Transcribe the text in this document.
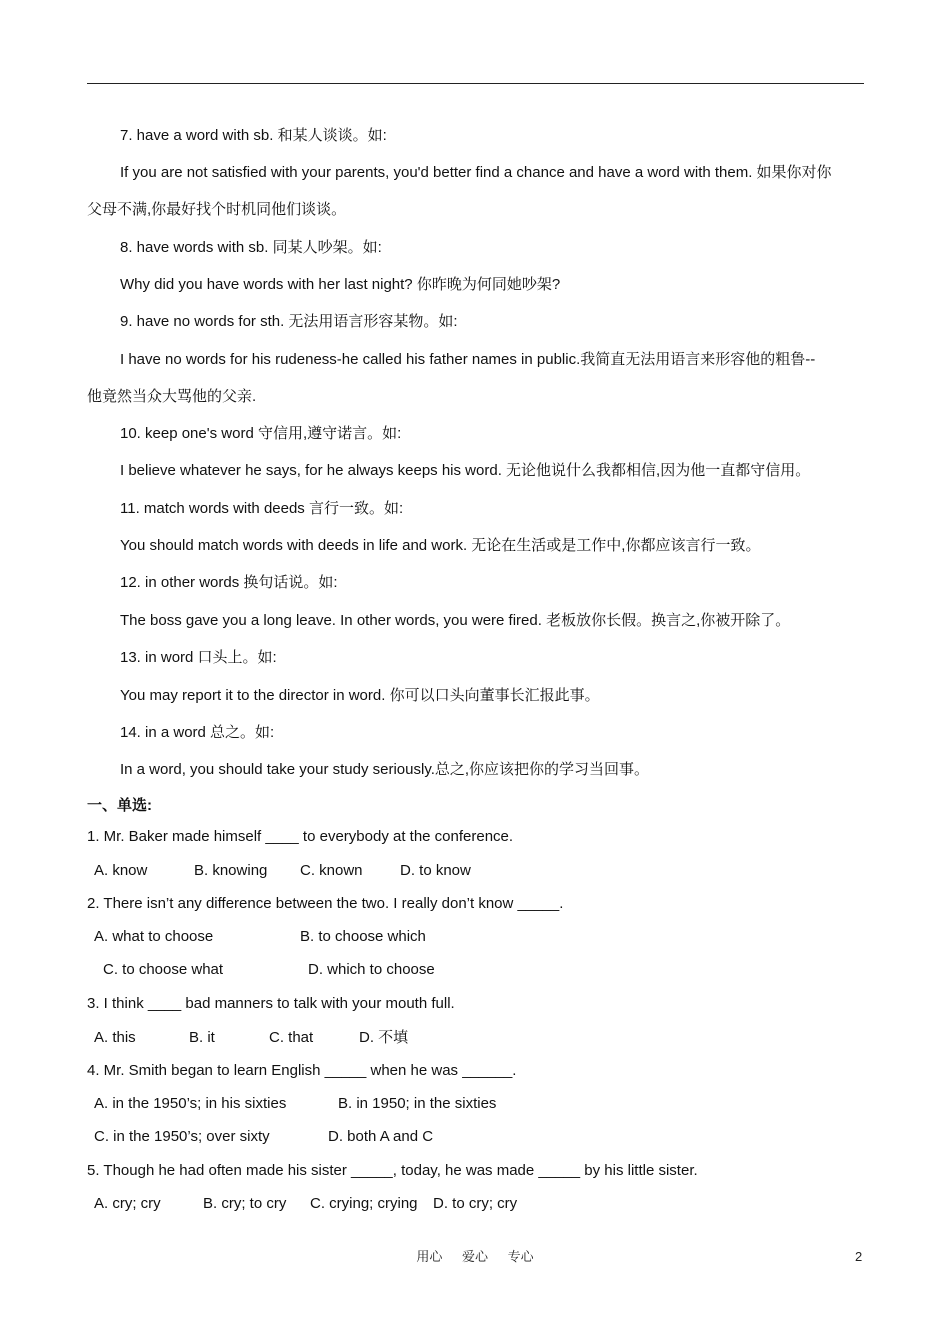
7. have a word with sb. 和某人谈谈。如:
If you are not satisfied with your parents, you'd better find a chance and have a word with them. 如果你对你
父母不满,你最好找个时机同他们谈谈。
8. have words with sb. 同某人吵架。如:
Why did you have words with her last night? 你昨晚为何同她吵架?
9. have no words for sth. 无法用语言形容某物。如:
I have no words for his rudeness-he called his father names in public.我简直无法用语言来形容他的粗鲁--
他竟然当众大骂他的父亲.
10. keep one's word 守信用,遵守诺言。如:
I believe whatever he says, for he always keeps his word. 无论他说什么我都相信,因为他一直都守信用。
11. match words with deeds 言行一致。如:
You should match words with deeds in life and work. 无论在生活或是工作中,你都应该言行一致。
12. in other words 换句话说。如:
The boss gave you a long leave. In other words, you were fired. 老板放你长假。换言之,你被开除了。
13. in word 口头上。如:
You may report it to the director in word. 你可以口头向董事长汇报此事。
14. in a word 总之。如:
In a word, you should take your study seriously.总之,你应该把你的学习当回事。
一、单选:
1. Mr. Baker made himself ____ to everybody at the conference.
A. know	B. knowing C. known D. to know
2. There isn’t any difference between the two. I really don’t know _____.
A. what to choose	B. to choose which
C. to choose what	D. which to choose
3. I think ____ bad manners to talk with your mouth full.
A. this	B. it	C. that	D. 不填
4. Mr. Smith began to learn English _____ when he was ______.
A. in the 1950’s; in his sixties	B. in 1950; in the sixties
C. in the 1950’s; over sixty	D. both A and C
5. Though he had often made his sister _____, today, he was made _____ by his little sister.
A. cry; cry	B. cry; to cry C. crying; crying D. to cry; cry
用心 爱心 专心	2
